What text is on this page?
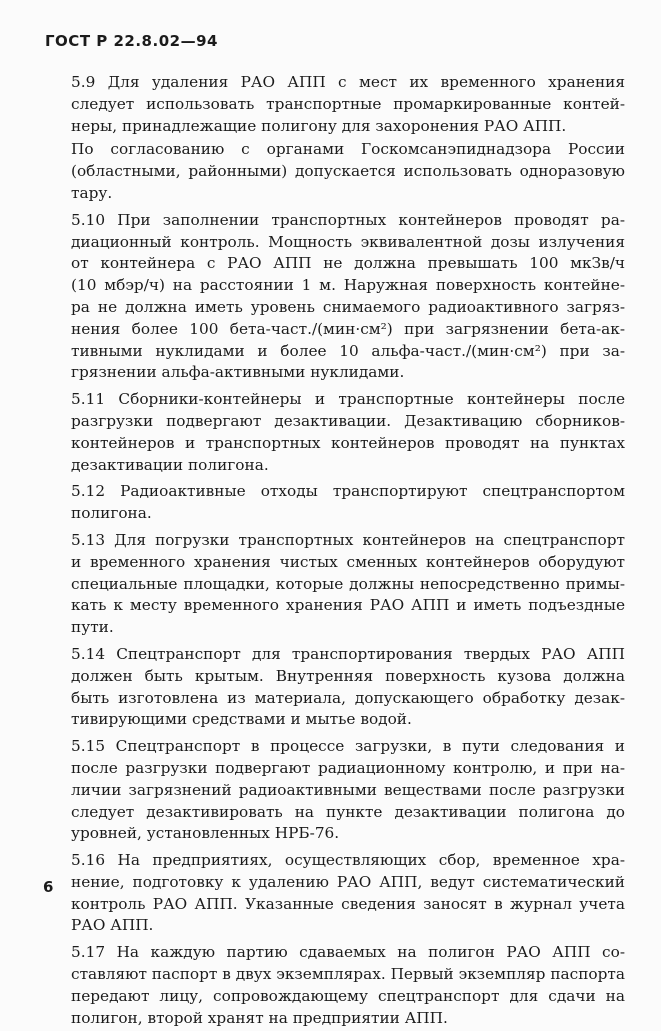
ГОСТ Р 22.8.02—94

5.9 Для удаления РАО АПП с мест их временного хранения
следует использовать транспортные промаркированные контей-
неры, принадлежащие полигону для захоронения РАО АПП.

По согласованию с органами Госкомсанэпиднадзора России
(областными, районными) допускается использовать одноразовую
тару.

5.10 При заполнении транспортных контейнеров проводят ра-
диационный контроль. Мощность эквивалентной дозы излучения
от контейнера с РАО АПП не должна превышать 100 мкЗв/ч
(10 мбэр/ч) на расстоянии 1 м. Наружная поверхность контейне-
ра не должна иметь уровень снимаемого радиоактивного загряз-
нения более 100 бета-част./(мин·см²) при загрязнении бета-ак-
тивными нуклидами и более 10 альфа-част./(мин·см²) при за-
грязнении альфа-активными нуклидами.

5.11 Сборники-контейнеры и транспортные контейнеры после
разгрузки подвергают дезактивации. Дезактивацию сборников-
контейнеров и транспортных контейнеров проводят на пунктах
дезактивации полигона.

5.12 Радиоактивные отходы транспортируют спецтранспортом
полигона.

5.13 Для погрузки транспортных контейнеров на спецтранспорт
и временного хранения чистых сменных контейнеров оборудуют
специальные площадки, которые должны непосредственно примы-
кать к месту временного хранения РАО АПП и иметь подъездные
пути.

5.14 Спецтранспорт для транспортирования твердых РАО АПП
должен быть крытым. Внутренняя поверхность кузова должна
быть изготовлена из материала, допускающего обработку дезак-
тивирующими средствами и мытье водой.

5.15 Спецтранспорт в процессе загрузки, в пути следования и
после разгрузки подвергают радиационному контролю, и при на-
личии загрязнений радиоактивными веществами после разгрузки
следует дезактивировать на пункте дезактивации полигона до
уровней, установленных НРБ-76.

5.16 На предприятиях, осуществляющих сбор, временное хра-
нение, подготовку к удалению РАО АПП, ведут систематический
контроль РАО АПП. Указанные сведения заносят в журнал учета
РАО АПП.

5.17 На каждую партию сдаваемых на полигон РАО АПП со-
ставляют паспорт в двух экземплярах. Первый экземпляр паспорта
передают лицу, сопровождающему спецтранспорт для сдачи на
полигон, второй хранят на предприятии АПП.

6
